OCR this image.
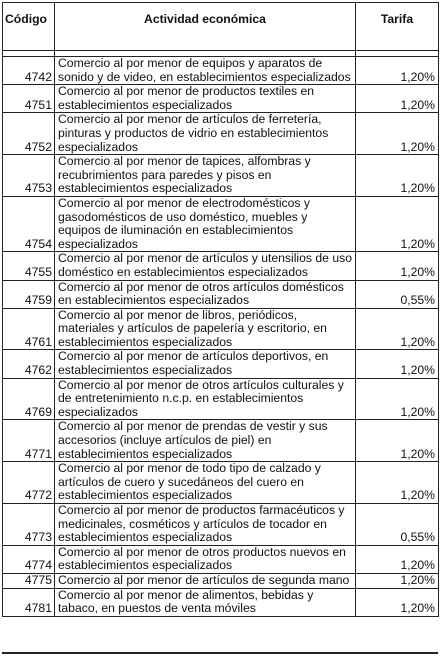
Código	Actividad económica	Tarifa

4742	Comercio al por menor de equipos y aparatos de sonido y de video, en establecimientos especializados	1,20%
4751	Comercio al por menor de productos textiles en establecimientos especializados	1,20%
4752	Comercio al por menor de artículos de ferretería, pinturas y productos de vidrio en establecimientos especializados	1,20%
4753	Comercio al por menor de tapices, alfombras y recubrimientos para paredes y pisos en establecimientos especializados	1,20%
4754	Comercio al por menor de electrodomésticos y gasodomésticos de uso doméstico, muebles y equipos de iluminación en establecimientos especializados	1,20%
4755	Comercio al por menor de artículos y utensilios de uso doméstico en establecimientos especializados	1,20%
4759	Comercio al por menor de otros artículos domésticos en establecimientos especializados	0,55%
4761	Comercio al por menor de libros, periódicos, materiales y artículos de papelería y escritorio, en establecimientos especializados	1,20%
4762	Comercio al por menor de artículos deportivos, en establecimientos especializados	1,20%
4769	Comercio al por menor de otros artículos culturales y de entretenimiento n.c.p. en establecimientos especializados	1,20%
4771	Comercio al por menor de prendas de vestir y sus accesorios (incluye artículos de piel) en establecimientos especializados	1,20%
4772	Comercio al por menor de todo tipo de calzado y artículos de cuero y sucedáneos del cuero en establecimientos especializados	1,20%
4773	Comercio al por menor de productos farmacéuticos y medicinales, cosméticos y artículos de tocador en establecimientos especializados	0,55%
4774	Comercio al por menor de otros productos nuevos en establecimientos especializados	1,20%
4775	Comercio al por menor de artículos de segunda mano	1,20%
4781	Comercio al por menor de alimentos, bebidas y tabaco, en puestos de venta móviles	1,20%
